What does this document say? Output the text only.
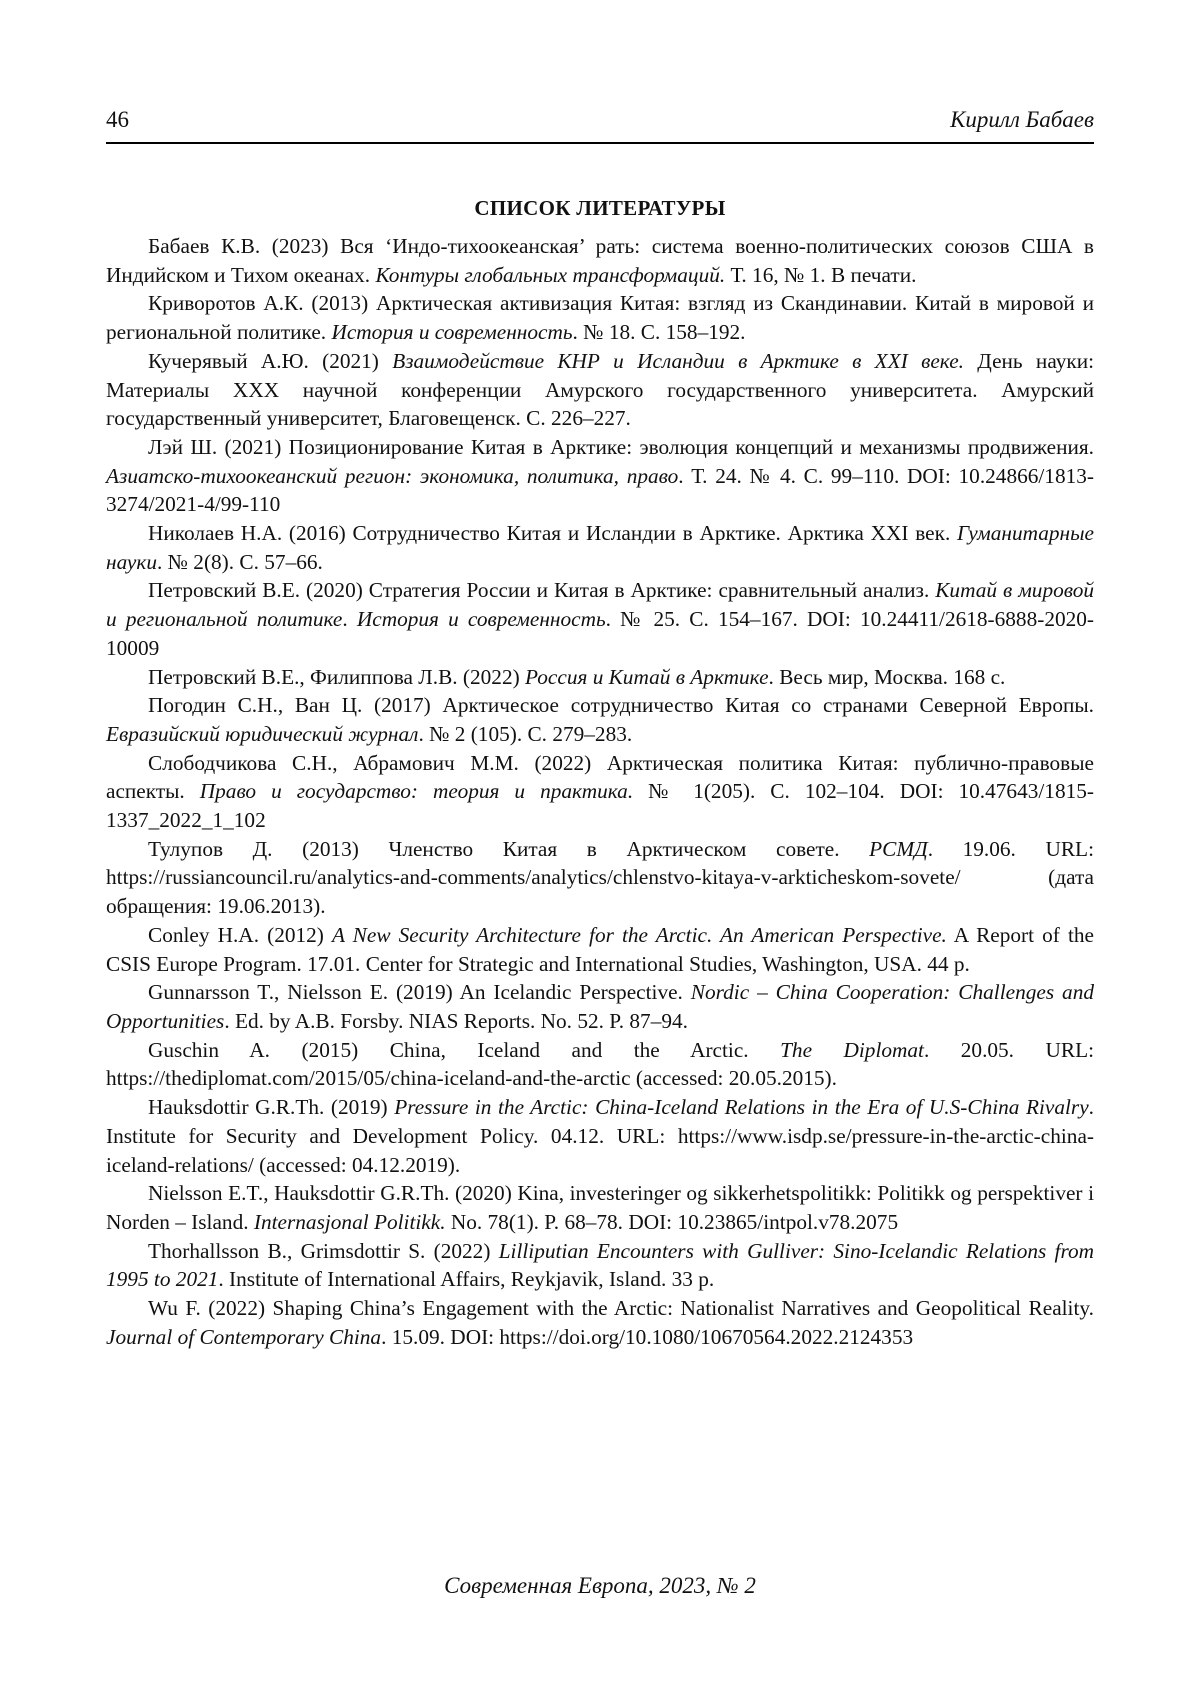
46	Кирилл Бабаев
СПИСОК ЛИТЕРАТУРЫ

Бабаев К.В. (2023) Вся ‘Индо-тихоокеанская’ рать: система военно-политических союзов США в Индийском и Тихом океанах. Контуры глобальных трансформаций. Т. 16, № 1. В печати.

Криворотов А.К. (2013) Арктическая активизация Китая: взгляд из Скандинавии. Китай в мировой и региональной политике. История и современность. № 18. С. 158–192.

Кучерявый А.Ю. (2021) Взаимодействие КНР и Исландии в Арктике в XXI веке. День науки: Материалы XXX научной конференции Амурского государственного университета. Амурский государственный университет, Благовещенск. С. 226–227.

Лэй Ш. (2021) Позиционирование Китая в Арктике: эволюция концепций и механизмы продвижения. Азиатско-тихоокеанский регион: экономика, политика, право. Т. 24. № 4. С. 99–110. DOI: 10.24866/1813-3274/2021-4/99-110

Николаев Н.А. (2016) Сотрудничество Китая и Исландии в Арктике. Арктика XXI век. Гуманитарные науки. № 2(8). С. 57–66.

Петровский В.Е. (2020) Стратегия России и Китая в Арктике: сравнительный анализ. Китай в мировой и региональной политике. История и современность. № 25. С. 154–167. DOI: 10.24411/2618-6888-2020-10009

Петровский В.Е., Филиппова Л.В. (2022) Россия и Китай в Арктике. Весь мир, Москва. 168 с.

Погодин С.Н., Ван Ц. (2017) Арктическое сотрудничество Китая со странами Северной Европы. Евразийский юридический журнал. № 2 (105). С. 279–283.

Слободчикова С.Н., Абрамович М.М. (2022) Арктическая политика Китая: публично-правовые аспекты. Право и государство: теория и практика. № 1(205). С. 102–104. DOI: 10.47643/1815-1337_2022_1_102

Тулупов Д. (2013) Членство Китая в Арктическом совете. РСМД. 19.06. URL: https://russiancouncil.ru/analytics-and-comments/analytics/chlenstvo-kitaya-v-arkticheskom-sovete/ (дата обращения: 19.06.2013).

Conley H.A. (2012) A New Security Architecture for the Arctic. An American Perspective. A Report of the CSIS Europe Program. 17.01. Center for Strategic and International Studies, Washington, USA. 44 p.

Gunnarsson T., Nielsson E. (2019) An Icelandic Perspective. Nordic – China Cooperation: Challenges and Opportunities. Ed. by A.B. Forsby. NIAS Reports. No. 52. P. 87–94.

Guschin A. (2015) China, Iceland and the Arctic. The Diplomat. 20.05. URL: https://thediplomat.com/2015/05/china-iceland-and-the-arctic (accessed: 20.05.2015).

Hauksdottir G.R.Th. (2019) Pressure in the Arctic: China-Iceland Relations in the Era of U.S-China Rivalry. Institute for Security and Development Policy. 04.12. URL: https://www.isdp.se/pressure-in-the-arctic-china-iceland-relations/ (accessed: 04.12.2019).

Nielsson E.T., Hauksdottir G.R.Th. (2020) Kina, investeringer og sikkerhetspolitikk: Politikk og perspektiver i Norden – Island. Internasjonal Politikk. No. 78(1). P. 68–78. DOI: 10.23865/intpol.v78.2075

Thorhallsson B., Grimsdottir S. (2022) Lilliputian Encounters with Gulliver: Sino-Icelandic Relations from 1995 to 2021. Institute of International Affairs, Reykjavik, Island. 33 p.

Wu F. (2022) Shaping China’s Engagement with the Arctic: Nationalist Narratives and Geopolitical Reality. Journal of Contemporary China. 15.09. DOI: https://doi.org/10.1080/10670564.2022.2124353

Современная Европа, 2023, № 2
